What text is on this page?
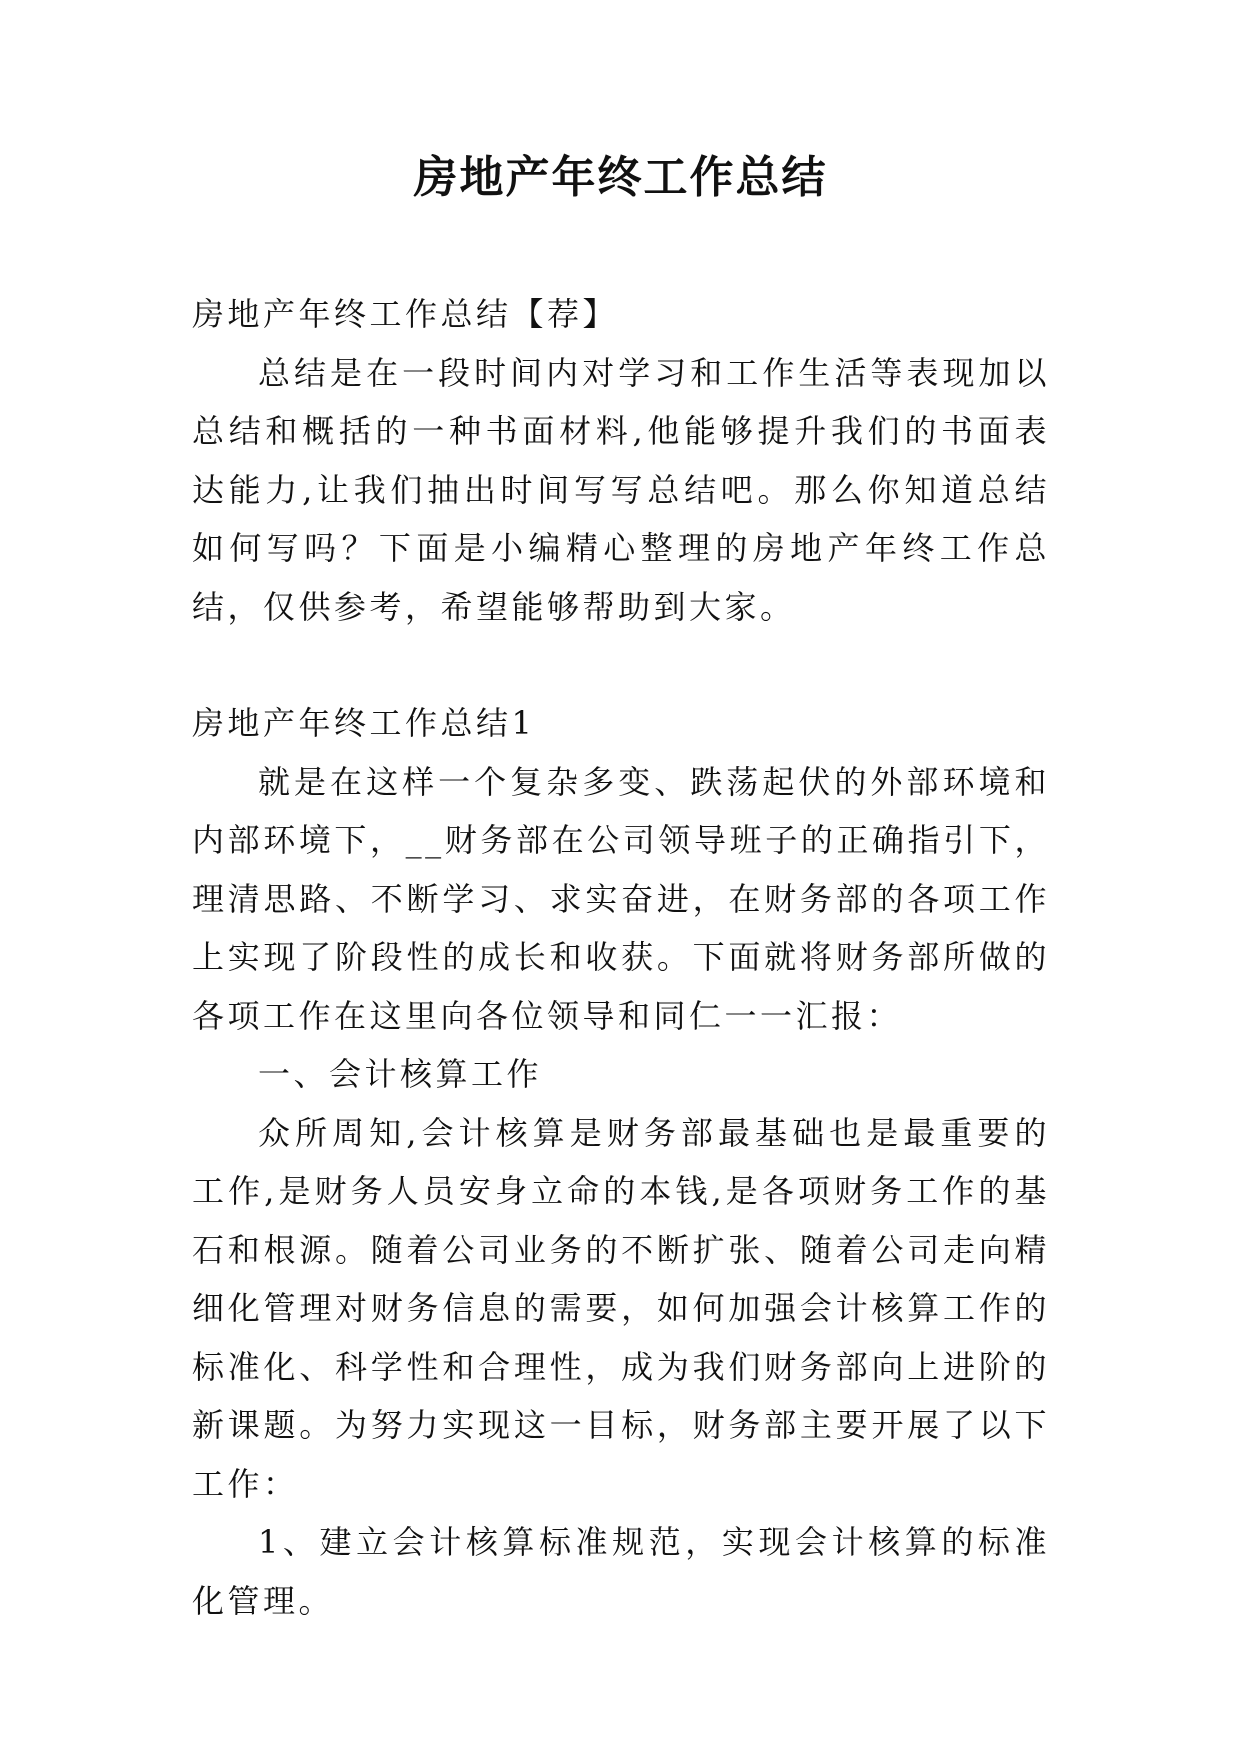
房地产年终工作总结

房地产年终工作总结【荐】

总结是在一段时间内对学习和工作生活等表现加以总结和概括的一种书面材料,他能够提升我们的书面表达能力,让我们抽出时间写写总结吧。那么你知道总结如何写吗？下面是小编精心整理的房地产年终工作总结，仅供参考，希望能够帮助到大家。

房地产年终工作总结1

就是在这样一个复杂多变、跌荡起伏的外部环境和内部环境下，__财务部在公司领导班子的正确指引下，理清思路、不断学习、求实奋进，在财务部的各项工作上实现了阶段性的成长和收获。下面就将财务部所做的各项工作在这里向各位领导和同仁一一汇报：

一、会计核算工作

众所周知,会计核算是财务部最基础也是最重要的工作,是财务人员安身立命的本钱,是各项财务工作的基石和根源。随着公司业务的不断扩张、随着公司走向精细化管理对财务信息的需要，如何加强会计核算工作的标准化、科学性和合理性，成为我们财务部向上进阶的新课题。为努力实现这一目标，财务部主要开展了以下工作：

1、建立会计核算标准规范，实现会计核算的标准化管理。
